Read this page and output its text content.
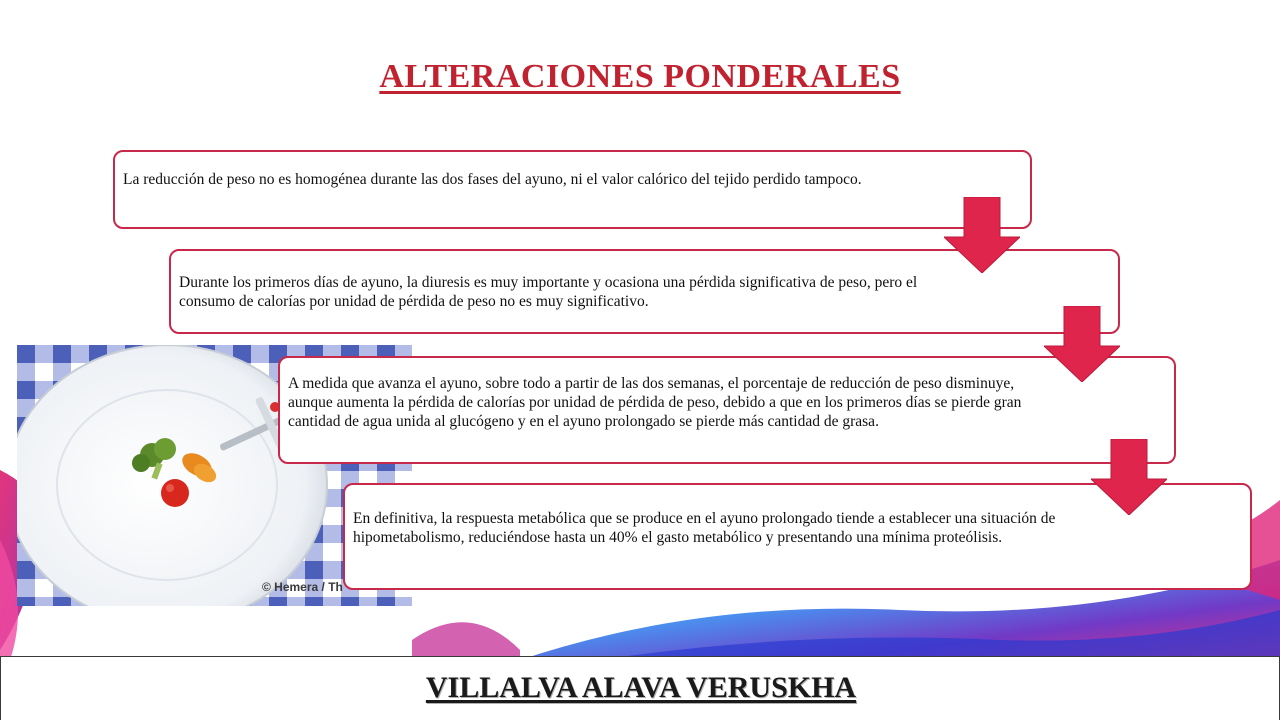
ALTERACIONES PONDERALES
© Hemera / Th
La reducción de peso no es homogénea durante las dos fases del ayuno, ni el valor calórico del tejido perdido tampoco.
Durante los primeros días de ayuno, la diuresis es muy importante y ocasiona una pérdida significativa de peso, pero el consumo de calorías por unidad de pérdida de peso no es muy significativo.
A medida que avanza el ayuno, sobre todo a partir de las dos semanas, el porcentaje de reducción de peso disminuye, aunque aumenta la pérdida de calorías por unidad de pérdida de peso, debido a que en los primeros días se pierde gran cantidad de agua unida al glucógeno y en el ayuno prolongado se pierde más cantidad de grasa.
En definitiva, la respuesta metabólica que se produce en el ayuno prolongado tiende a establecer una situación de hipometabolismo, reduciéndose hasta un 40% el gasto metabólico y presentando una mínima proteólisis.
VILLALVA ALAVA VERUSKHA
